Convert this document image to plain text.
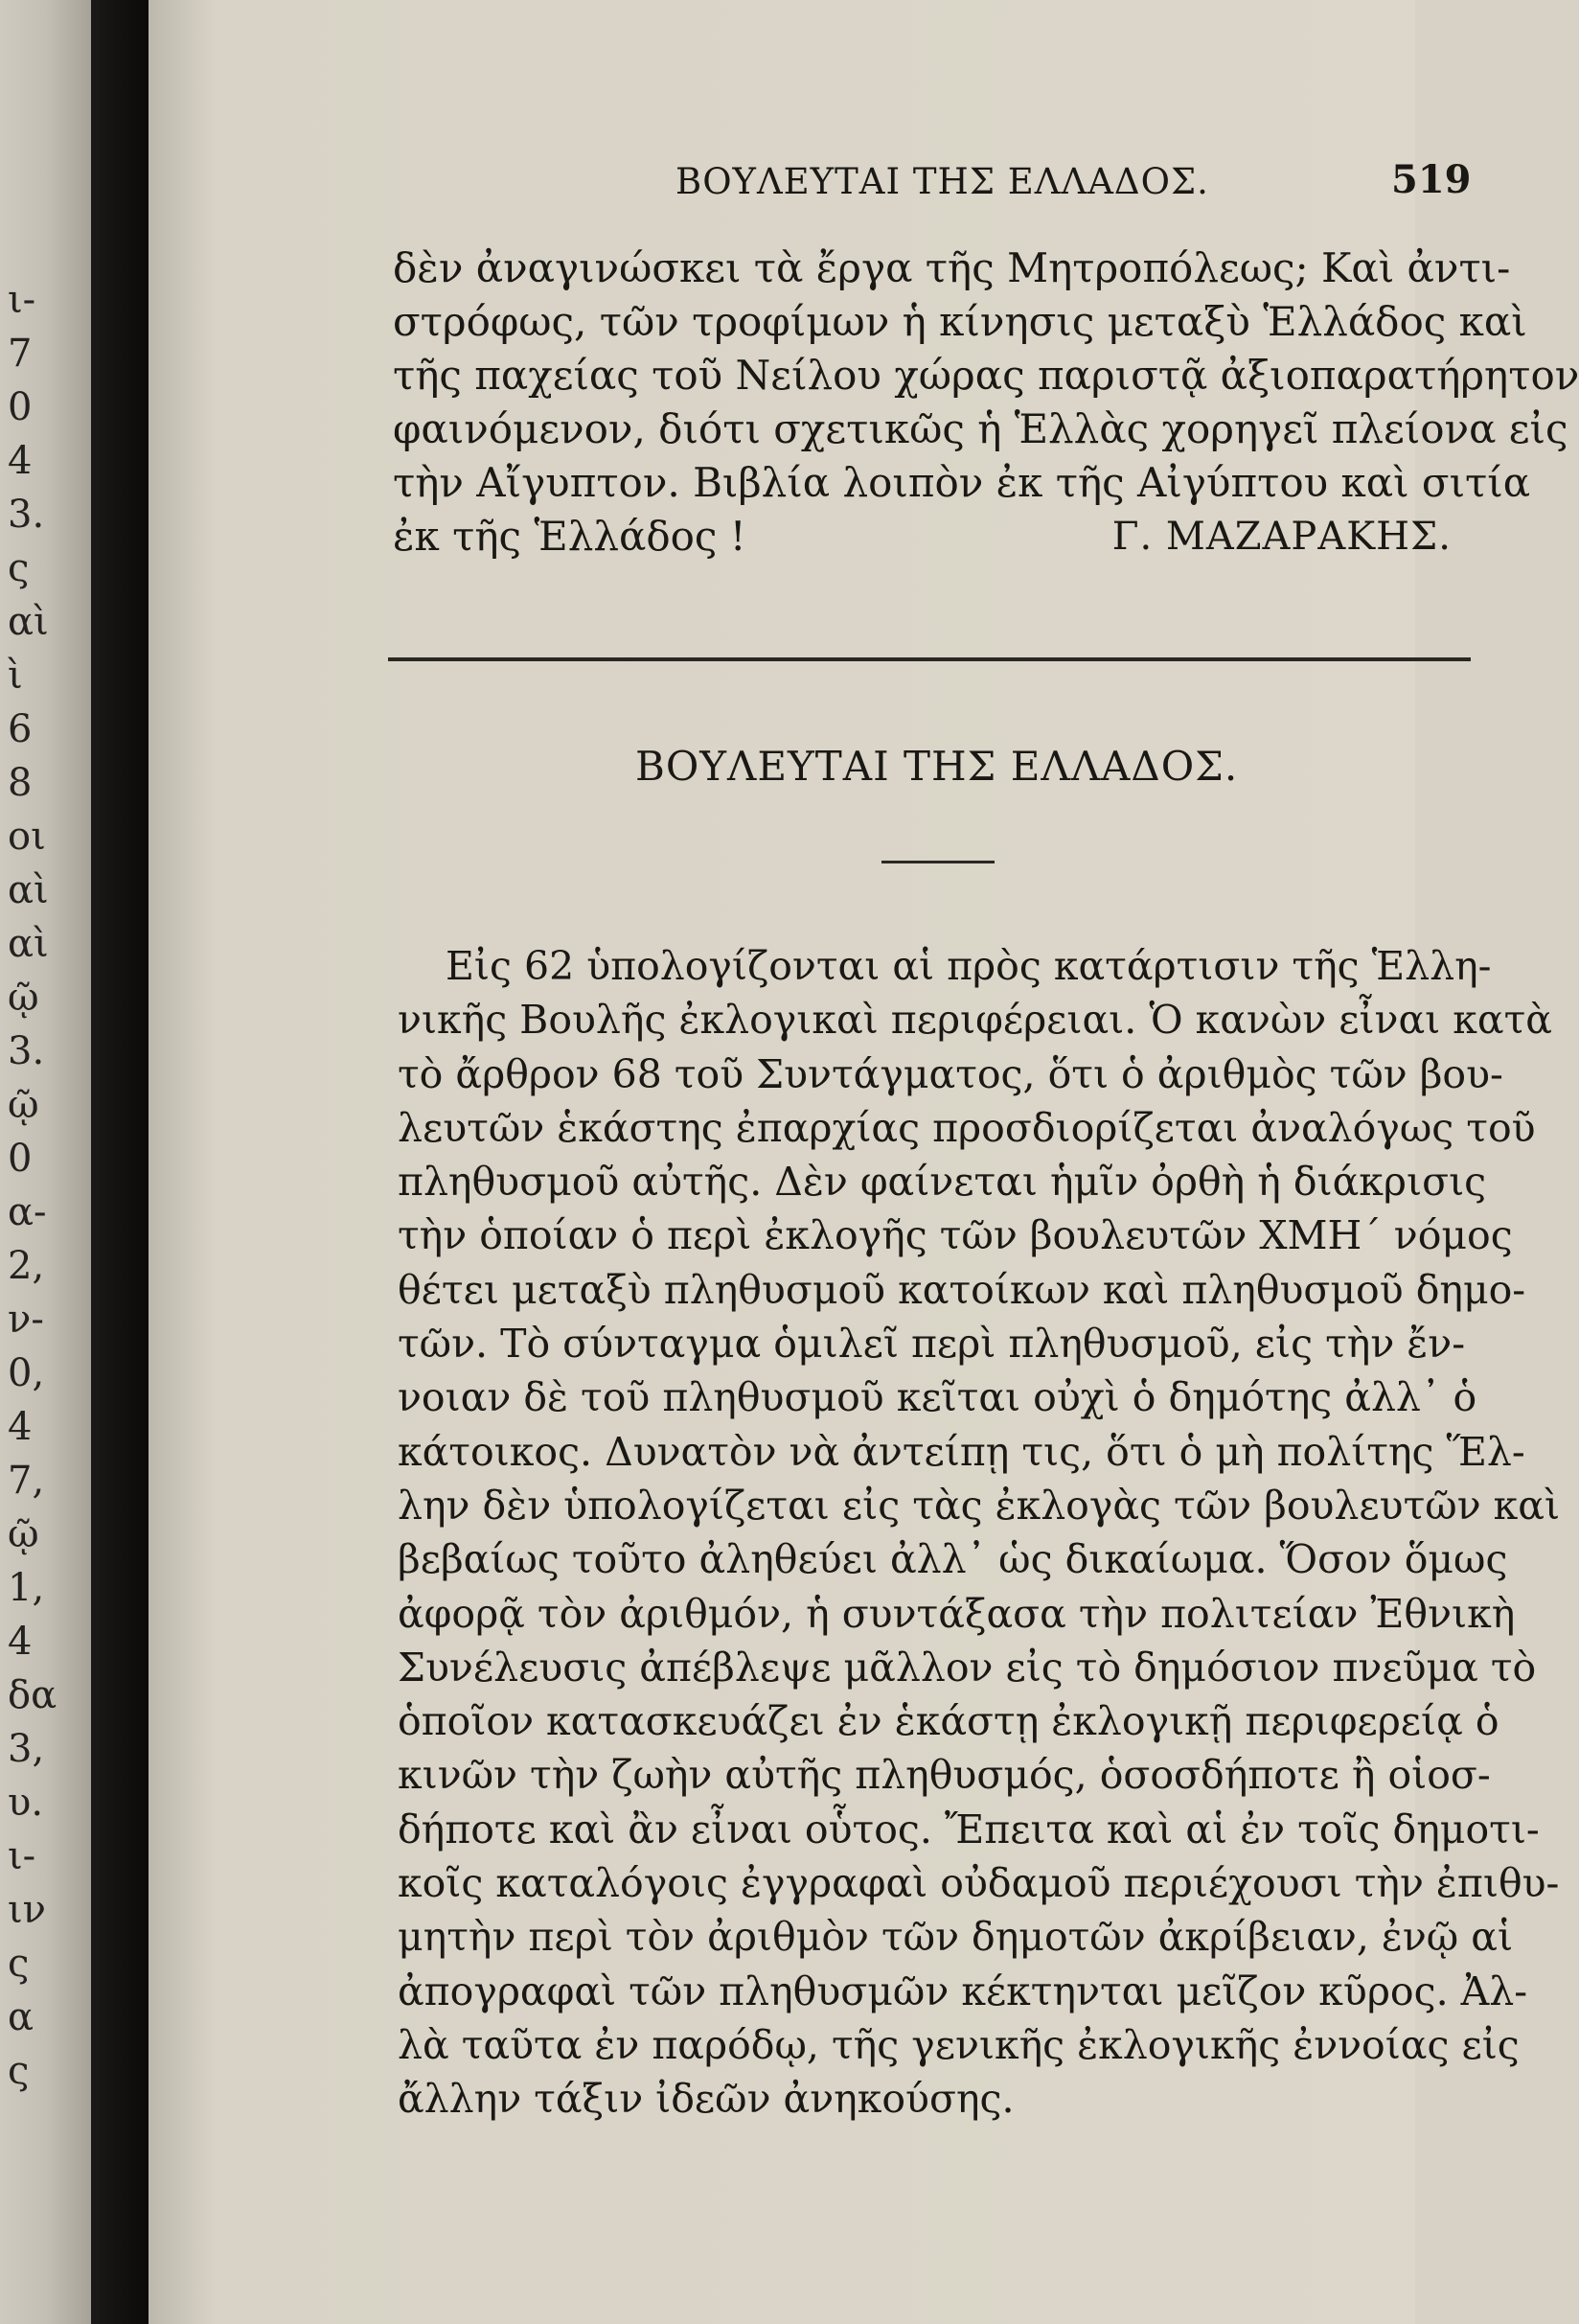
ι-
7
0
4
3.
ς
αὶ
ὶ
6
8
οι
αὶ
αὶ
ῷ
3.
ῷ
0
α-
2,
ν-
0,
4
7,
ῷ
1,
4
δα
3,
υ.
ι-
ιν
ς
α
ς
ΒΟΥΛΕΥΤΑΙ ΤΗΣ ΕΛΛΑΔΟΣ.	519
δὲν ἀναγινώσκει τὰ ἔργα τῆς Μητροπόλεως; Καὶ ἀντι-
στρόφως, τῶν τροφίμων ἡ κίνησις μεταξὺ Ἑλλάδος καὶ
τῆς παχείας τοῦ Νείλου χώρας παριστᾷ ἀξιοπαρατήρητον
φαινόμενον, διότι σχετικῶς ἡ Ἑλλὰς χορηγεῖ πλείονα εἰς
τὴν Αἴγυπτον. Βιβλία λοιπὸν ἐκ τῆς Αἰγύπτου καὶ σιτία
ἐκ τῆς Ἑλλάδος !	Γ. ΜΑΖΑΡΑΚΗΣ.
ΒΟΥΛΕΥΤΑΙ ΤΗΣ ΕΛΛΑΔΟΣ.
Εἰς 62 ὑπολογίζονται αἱ πρὸς κατάρτισιν τῆς Ἑλλη-
νικῆς Βουλῆς ἐκλογικαὶ περιφέρειαι. Ὁ κανὼν εἶναι κατὰ
τὸ ἄρθρον 68 τοῦ Συντάγματος, ὅτι ὁ ἀριθμὸς τῶν βου-
λευτῶν ἑκάστης ἐπαρχίας προσδιορίζεται ἀναλόγως τοῦ
πληθυσμοῦ αὐτῆς. Δὲν φαίνεται ἡμῖν ὀρθὴ ἡ διάκρισις
τὴν ὁποίαν ὁ περὶ ἐκλογῆς τῶν βουλευτῶν ΧΜΗ΄ νόμος
θέτει μεταξὺ πληθυσμοῦ κατοίκων καὶ πληθυσμοῦ δημο-
τῶν. Τὸ σύνταγμα ὁμιλεῖ περὶ πληθυσμοῦ, εἰς τὴν ἔν-
νοιαν δὲ τοῦ πληθυσμοῦ κεῖται οὐχὶ ὁ δημότης ἀλλ᾽ ὁ
κάτοικος. Δυνατὸν νὰ ἀντείπῃ τις, ὅτι ὁ μὴ πολίτης Ἕλ-
λην δὲν ὑπολογίζεται εἰς τὰς ἐκλογὰς τῶν βουλευτῶν καὶ
βεβαίως τοῦτο ἀληθεύει ἀλλ᾽ ὡς δικαίωμα. Ὅσον ὅμως
ἀφορᾷ τὸν ἀριθμόν, ἡ συντάξασα τὴν πολιτείαν Ἐθνικὴ
Συνέλευσις ἀπέβλεψε μᾶλλον εἰς τὸ δημόσιον πνεῦμα τὸ
ὁποῖον κατασκευάζει ἐν ἑκάστῃ ἐκλογικῇ περιφερείᾳ ὁ
κινῶν τὴν ζωὴν αὐτῆς πληθυσμός, ὁσοσδήποτε ἢ οἱοσ-
δήποτε καὶ ἂν εἶναι οὗτος. Ἔπειτα καὶ αἱ ἐν τοῖς δημοτι-
κοῖς καταλόγοις ἐγγραφαὶ οὐδαμοῦ περιέχουσι τὴν ἐπιθυ-
μητὴν περὶ τὸν ἀριθμὸν τῶν δημοτῶν ἀκρίβειαν, ἐνῷ αἱ
ἀπογραφαὶ τῶν πληθυσμῶν κέκτηνται μεῖζον κῦρος. Ἀλ-
λὰ ταῦτα ἐν παρόδῳ, τῆς γενικῆς ἐκλογικῆς ἐννοίας εἰς
ἄλλην τάξιν ἰδεῶν ἀνηκούσης.
